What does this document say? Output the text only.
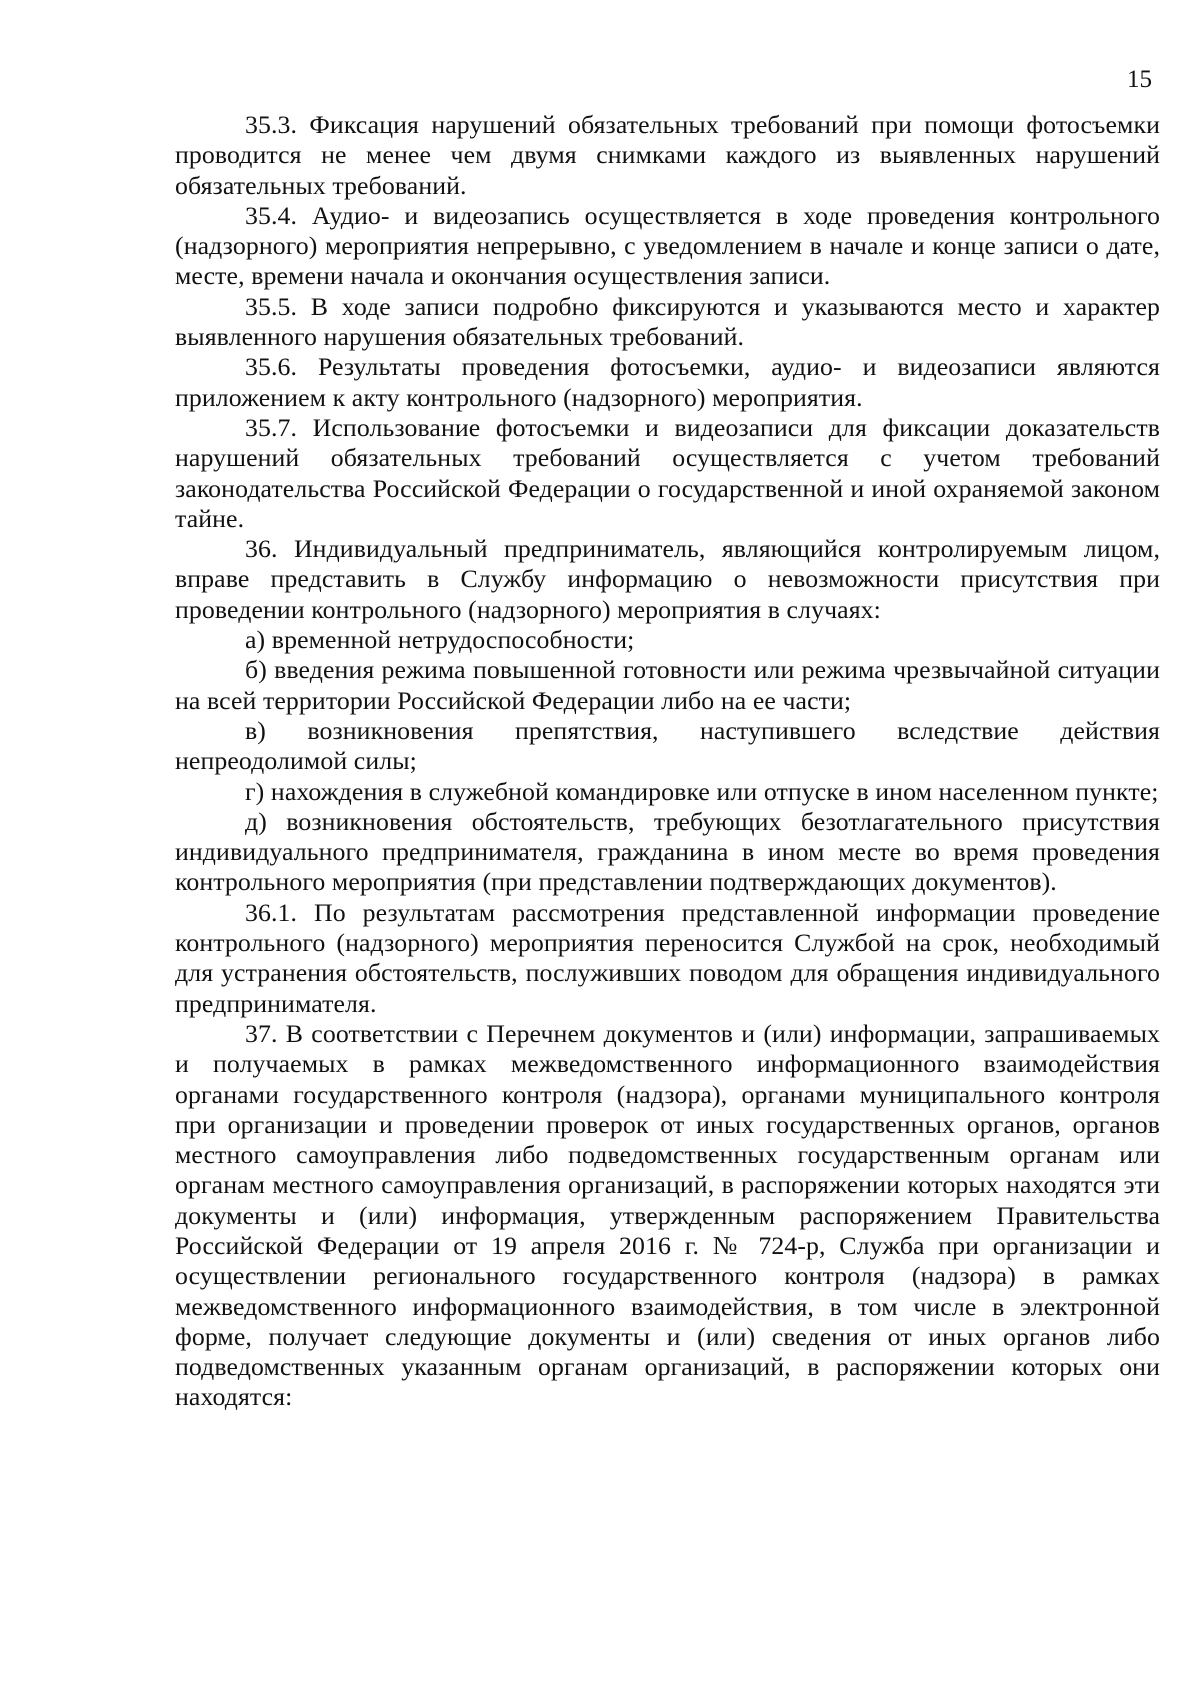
15

35.3. Фиксация нарушений обязательных требований при помощи фотосъемки проводится не менее чем двумя снимками каждого из выявленных нарушений обязательных требований.

35.4. Аудио- и видеозапись осуществляется в ходе проведения контрольного (надзорного) мероприятия непрерывно, с уведомлением в начале и конце записи о дате, месте, времени начала и окончания осуществления записи.

35.5. В ходе записи подробно фиксируются и указываются место и характер выявленного нарушения обязательных требований.

35.6. Результаты проведения фотосъемки, аудио- и видеозаписи являются приложением к акту контрольного (надзорного) мероприятия.

35.7. Использование фотосъемки и видеозаписи для фиксации доказательств нарушений обязательных требований осуществляется с учетом требований законодательства Российской Федерации о государственной и иной охраняемой законом тайне.

36. Индивидуальный предприниматель, являющийся контролируемым лицом, вправе представить в Службу информацию о невозможности присутствия при проведении контрольного (надзорного) мероприятия в случаях:

а) временной нетрудоспособности;

б) введения режима повышенной готовности или режима чрезвычайной ситуации на всей территории Российской Федерации либо на ее части;

в) возникновения препятствия, наступившего вследствие действия непреодолимой силы;

г) нахождения в служебной командировке или отпуске в ином населенном пункте;

д) возникновения обстоятельств, требующих безотлагательного присутствия индивидуального предпринимателя, гражданина в ином месте во время проведения контрольного мероприятия (при представлении подтверждающих документов).

36.1. По результатам рассмотрения представленной информации проведение контрольного (надзорного) мероприятия переносится Службой на срок, необходимый для устранения обстоятельств, послуживших поводом для обращения индивидуального предпринимателя.

37. В соответствии с Перечнем документов и (или) информации, запрашиваемых и получаемых в рамках межведомственного информационного взаимодействия органами государственного контроля (надзора), органами муниципального контроля при организации и проведении проверок от иных государственных органов, органов местного самоуправления либо подведомственных государственным органам или органам местного самоуправления организаций, в распоряжении которых находятся эти документы и (или) информация, утвержденным распоряжением Правительства Российской Федерации от 19 апреля 2016 г. № 724-р, Служба при организации и осуществлении регионального государственного контроля (надзора) в рамках межведомственного информационного взаимодействия, в том числе в электронной форме, получает следующие документы и (или) сведения от иных органов либо подведомственных указанным органам организаций, в распоряжении которых они находятся:
